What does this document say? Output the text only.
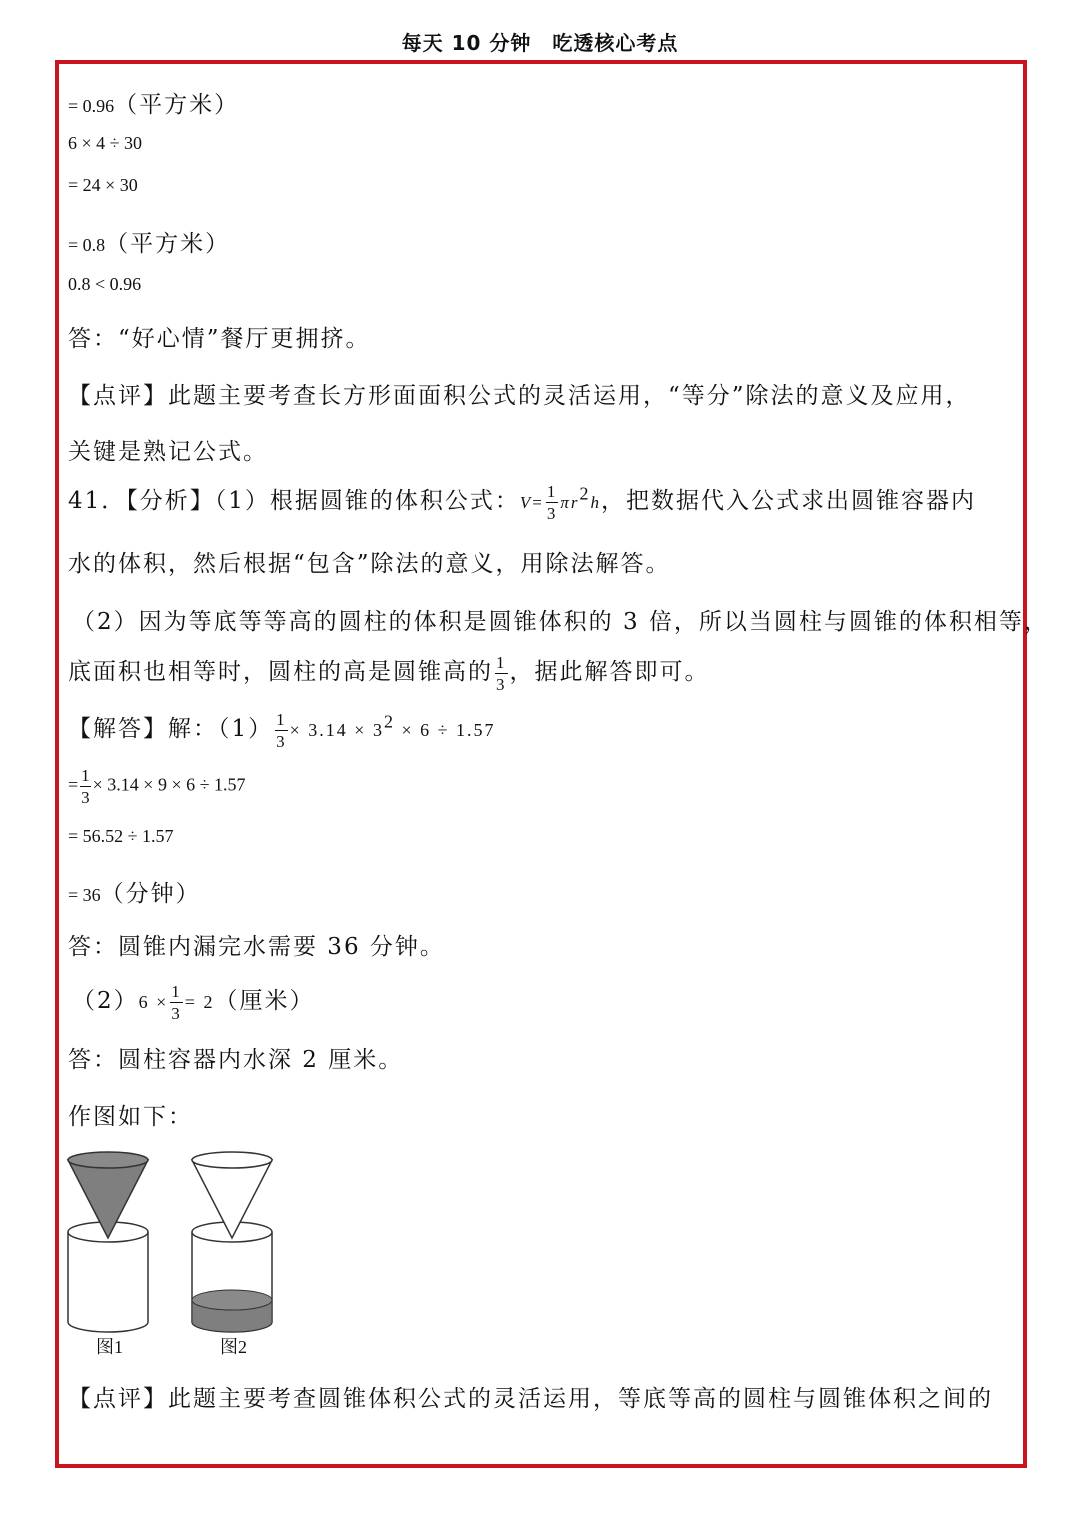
每天 10 分钟　吃透核心考点
= 0.96（平方米）
6 × 4 ÷ 30
= 24 × 30
= 0.8（平方米）
0.8 < 0.96
答：“好心情”餐厅更拥挤。
【点评】此题主要考查长方形面面积公式的灵活运用，“等分”除法的意义及应用，
关键是熟记公式。
41．【分析】（1）根据圆锥的体积公式：$V= \frac{1}{3} \pi r^2h$，把数据代入公式求出圆锥容器内
水的体积，然后根据“包含”除法的意义，用除法解答。
（2）因为等底等等高的圆柱的体积是圆锥体积的 3 倍，所以当圆柱与圆锥的体积相等，
底面积也相等时，圆柱的高是圆锥高的 $\frac{1}{3}$ ，据此解答即可。
【解答】解：$(1) \frac{1}{3} \times 3.14 \times 3^2 \times 6 \div 1.57$
= $\frac{1}{3} \times 3.14 \times 9 \times 6 \div 1.57$
= 56.52 ÷ 1.57
= 36（分钟）
答：圆锥内漏完水需要 36 分钟。
$(2)6 \times \frac{1}{3} = 2$（厘米）
答：圆柱容器内水深 2 厘米。
作图如下：
图1	图2
【点评】此题主要考查圆锥体积公式的灵活运用，等底等高的圆柱与圆锥体积之间的
